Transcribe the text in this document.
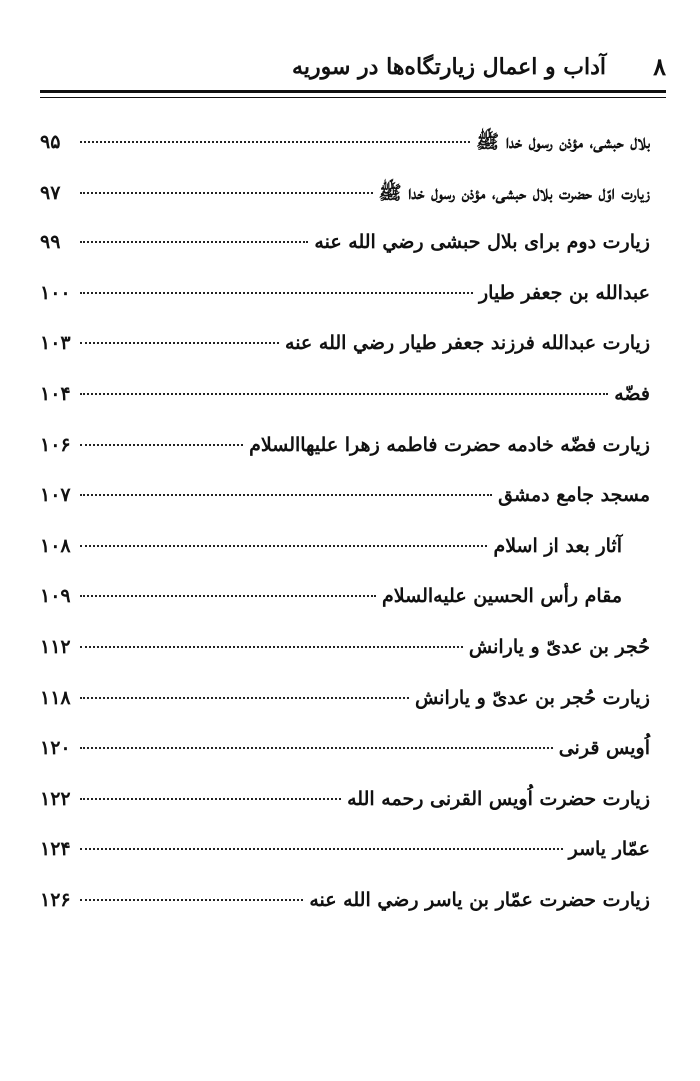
۸
آداب و اعمال زیارتگاه‌ها در سوریه
بلال حبشی، مؤذن رسول خدا ﷺ
۹۵
زیارت اوّل حضرت بلال حبشی، مؤذن رسول خدا ﷺ
۹۷
زیارت دوم برای بلال حبشی رضي الله عنه
۹۹
عبدالله بن جعفر طیار
۱۰۰
زیارت عبدالله فرزند جعفر طیار رضي الله عنه
۱۰۳
فضّه
۱۰۴
زیارت فضّه خادمه حضرت فاطمه زهرا علیهاالسلام
۱۰۶
مسجد جامع دمشق
۱۰۷
آثار بعد از اسلام
۱۰۸
مقام رأس الحسین علیه‌السلام
۱۰۹
حُجر بن عدیّ و یارانش
۱۱۲
زیارت حُجر بن عدیّ و یارانش
۱۱۸
اُویس قرنی
۱۲۰
زیارت حضرت اُویس القرنی رحمه الله
۱۲۲
عمّار یاسر
۱۲۴
زیارت حضرت عمّار بن یاسر رضي الله عنه
۱۲۶
